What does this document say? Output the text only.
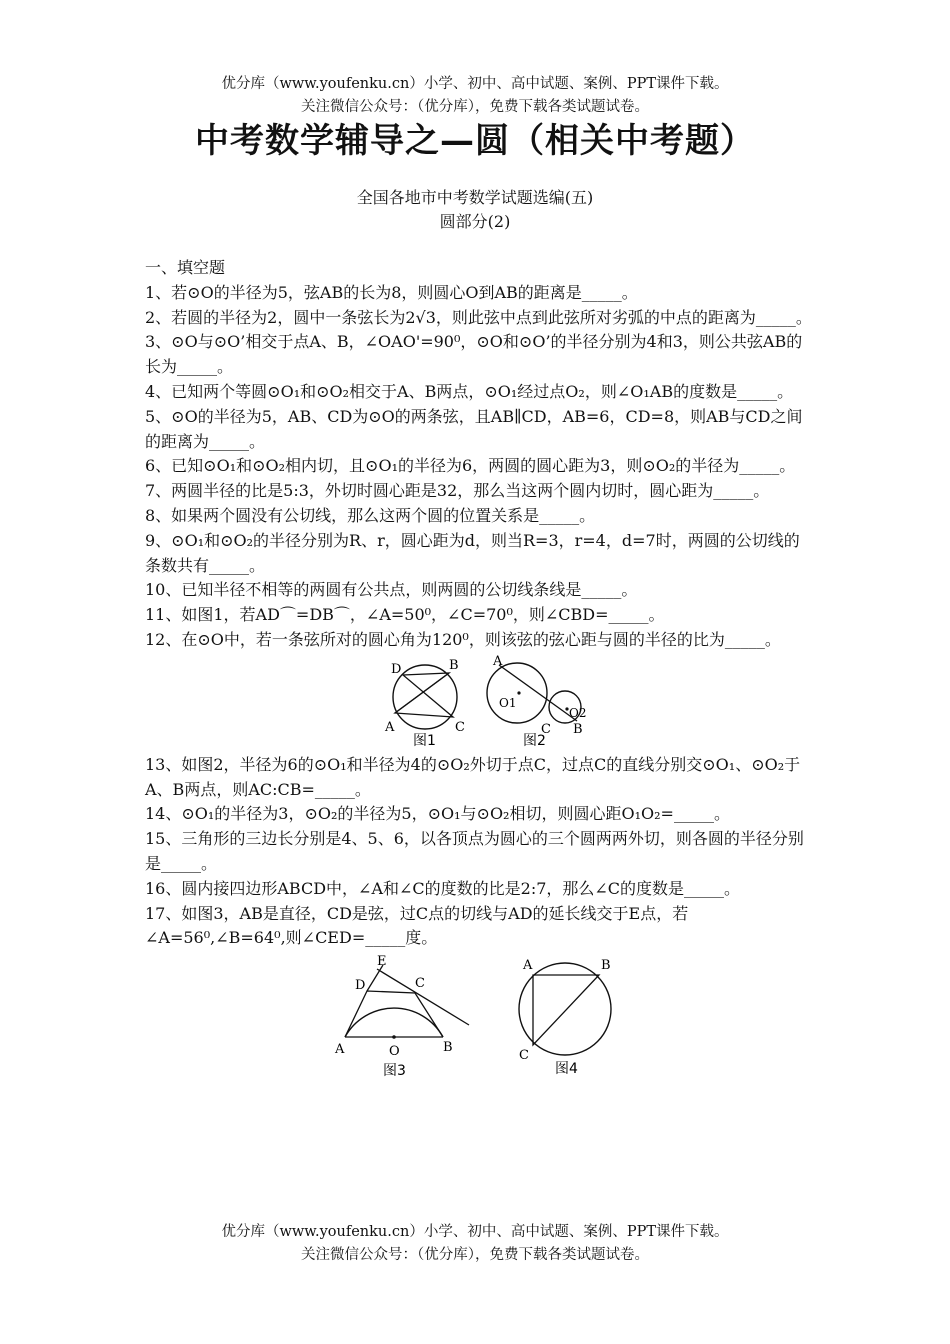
优分库（www.youfenku.cn）小学、初中、高中试题、案例、PPT课件下载。
关注微信公众号：（优分库），免费下载各类试题试卷。
中考数学辅导之—圆（相关中考题）
全国各地市中考数学试题选编(五)
圆部分(2)

一、填空题

1、若⊙O的半径为5，弦AB的长为8，则圆心O到AB的距离是_____。

2、若圆的半径为2，圆中一条弦长为2√3，则此弦中点到此弦所对劣弧的中点的距离为_____。

3、⊙O与⊙O’相交于点A、B，∠OAO'=90⁰，⊙O和⊙O’的半径分别为4和3，则公共弦AB的长为_____。

4、已知两个等圆⊙O₁和⊙O₂相交于A、B两点，⊙O₁经过点O₂，则∠O₁AB的度数是_____。

5、⊙O的半径为5，AB、CD为⊙O的两条弦，且AB∥CD，AB=6，CD=8，则AB与CD之间的距离为_____。

6、已知⊙O₁和⊙O₂相内切，且⊙O₁的半径为6，两圆的圆心距为3，则⊙O₂的半径为_____。

7、两圆半径的比是5:3，外切时圆心距是32，那么当这两个圆内切时，圆心距为_____。

8、如果两个圆没有公切线，那么这两个圆的位置关系是_____。

9、⊙O₁和⊙O₂的半径分别为R、r，圆心距为d，则当R=3，r=4，d=7时，两圆的公切线的条数共有_____。

10、已知半径不相等的两圆有公共点，则两圆的公切线条线是_____。

11、如图1，若AD⌒=DB⌒，∠A=50⁰，∠C=70⁰，则∠CBD=_____。

12、在⊙O中，若一条弦所对的圆心角为120⁰，则该弦的弦心距与圆的半径的比为_____。

D	B
A	C
图1
A
O1
O2
C B
图2

13、如图2，半径为6的⊙O₁和半径为4的⊙O₂外切于点C，过点C的直线分别交⊙O₁、⊙O₂于A、B两点，则AC:CB=_____。

14、⊙O₁的半径为3，⊙O₂的半径为5，⊙O₁与⊙O₂相切，则圆心距O₁O₂=_____。

15、三角形的三边长分别是4、5、6，以各顶点为圆心的三个圆两两外切，则各圆的半径分别是_____。

16、圆内接四边形ABCD中，∠A和∠C的度数的比是2:7，那么∠C的度数是_____。

17、如图3，AB是直径，CD是弦，过C点的切线与AD的延长线交于E点，若∠A=56⁰,∠B=64⁰,则∠CED=_____度。

E
D	C
A	O	B
图3
A	B
C
D
图4
优分库（www.youfenku.cn）小学、初中、高中试题、案例、PPT课件下载。
关注微信公众号：（优分库），免费下载各类试题试卷。
